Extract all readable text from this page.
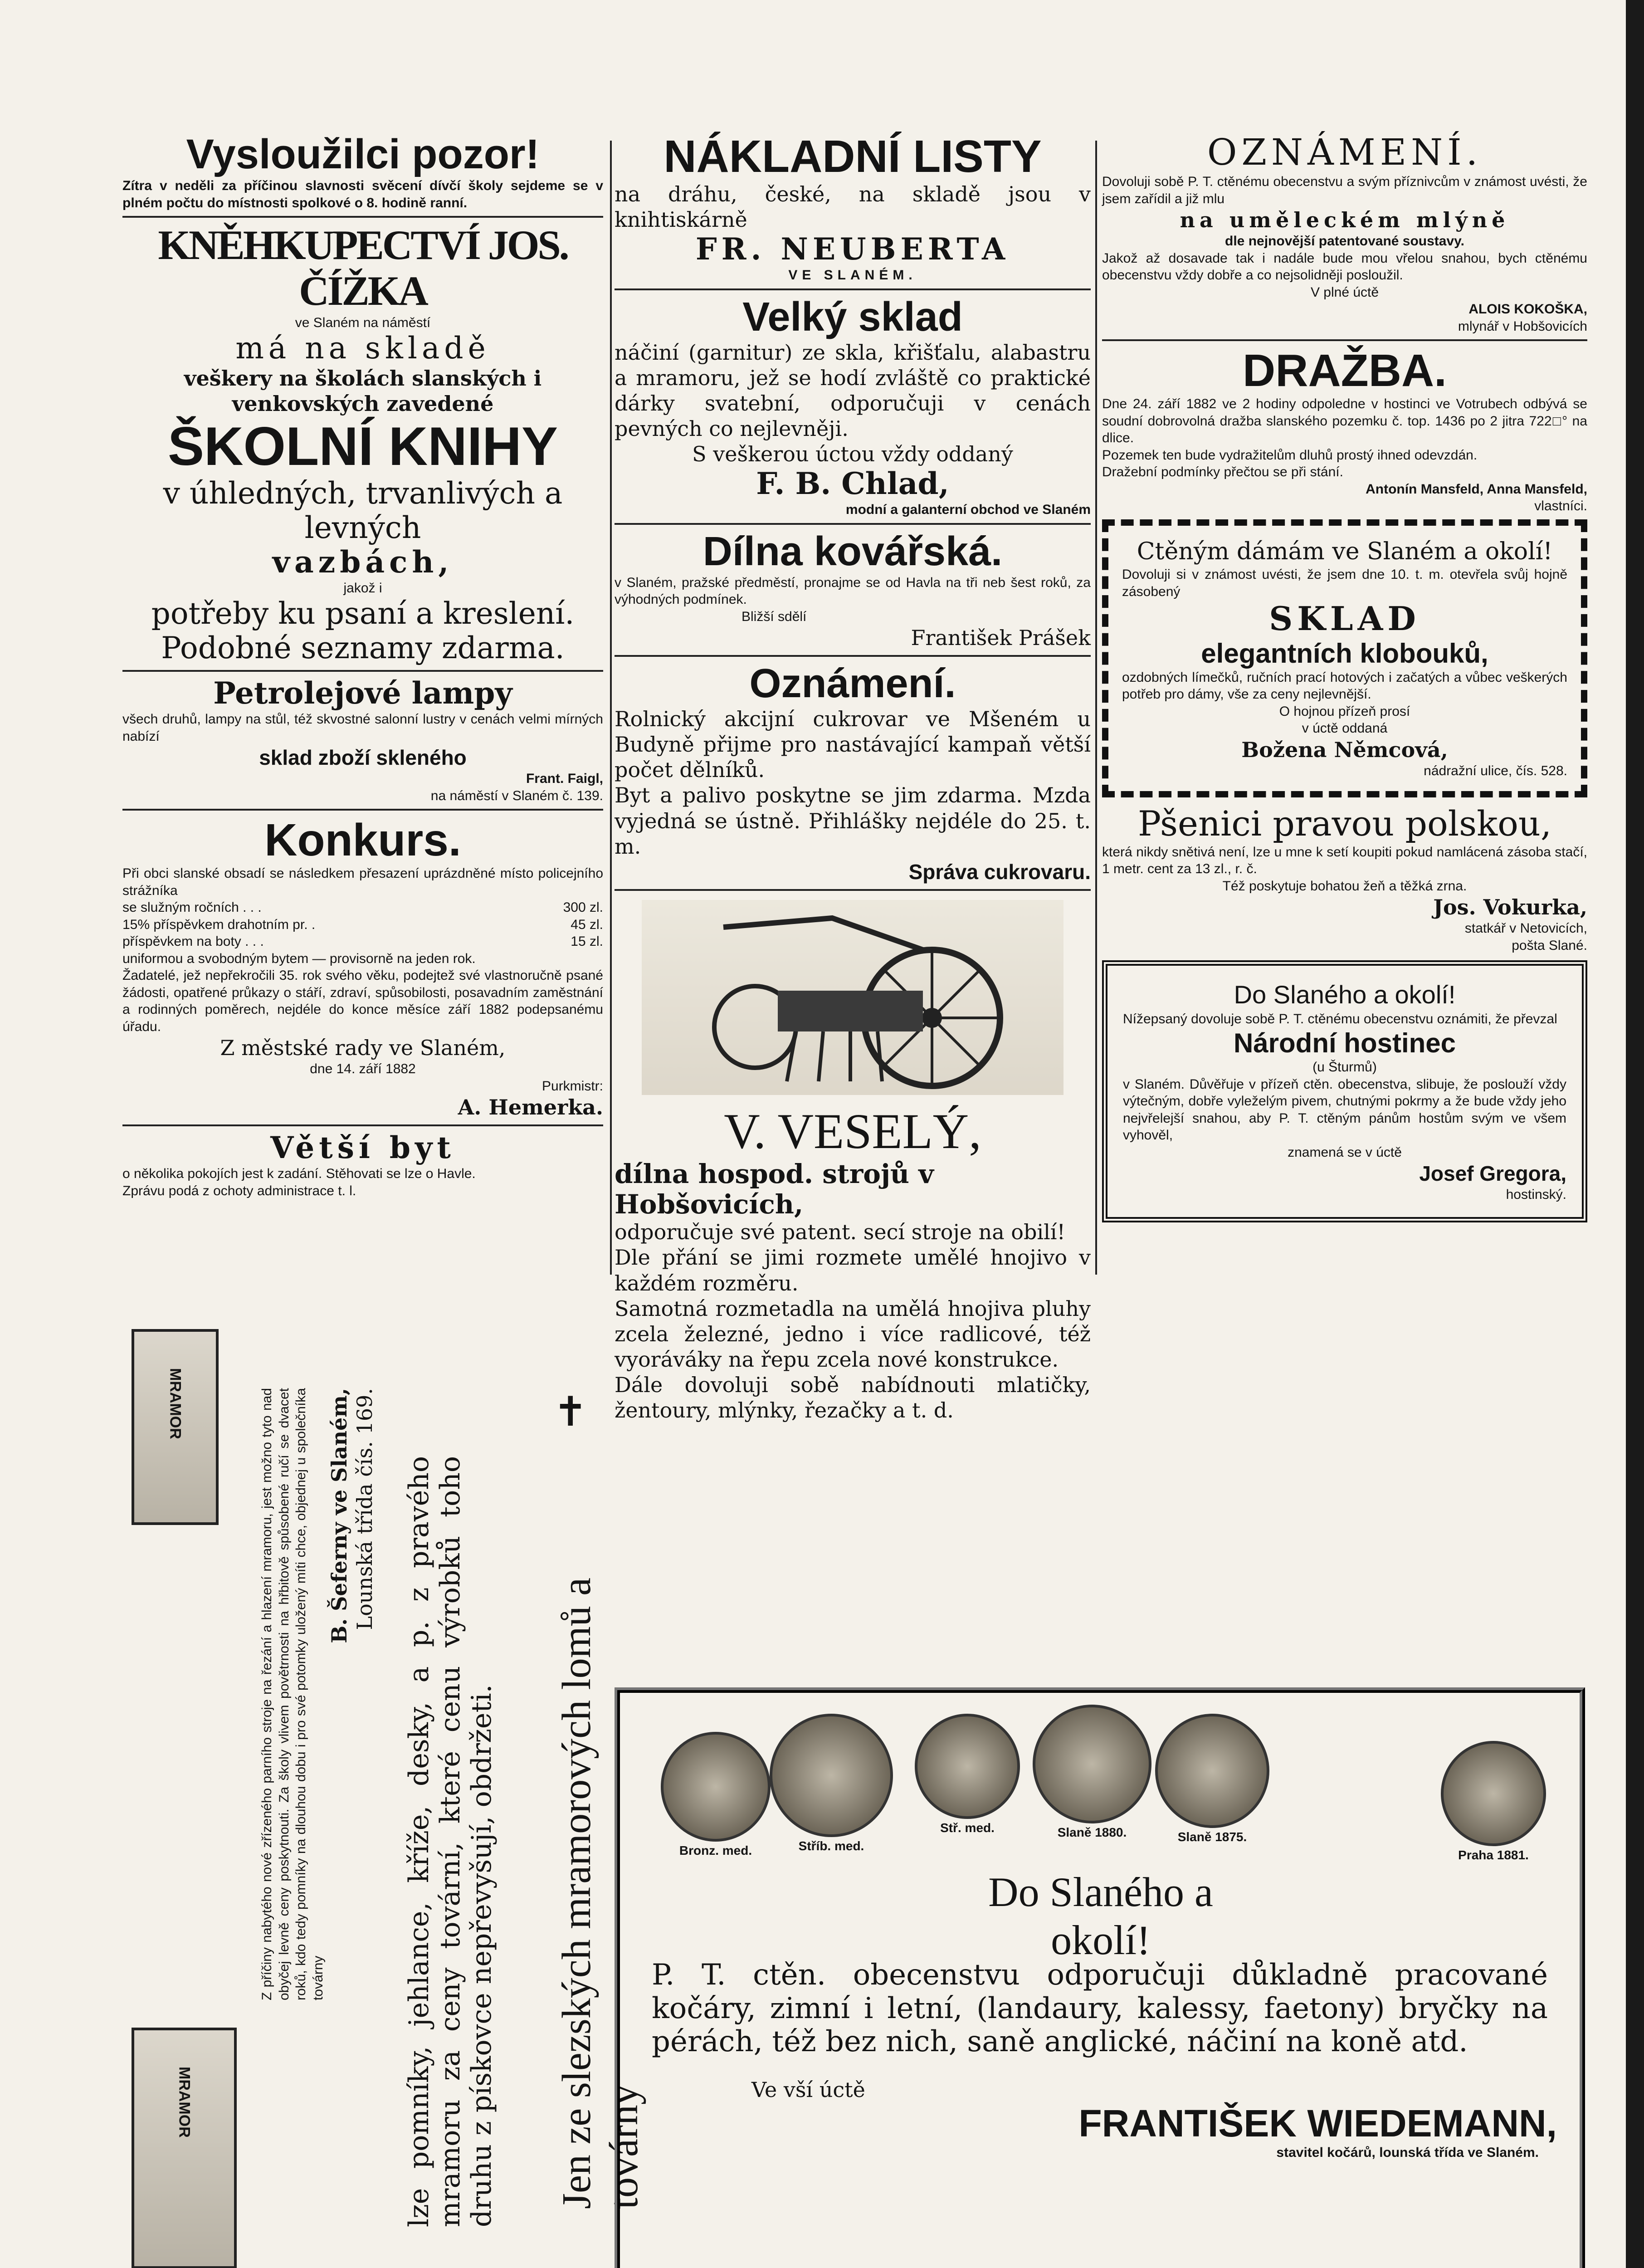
Vysloužilci pozor!
Zítra v neděli za příčinou slavnosti svěcení dívčí školy sejdeme se v plném počtu do místnosti spolkové o 8. hodině ranní.
KNĚHKUPECTVÍ JOS. ČÍŽKA
ve Slaném na náměstí
má na skladě
veškery na školách slanských i venkovských zavedené
ŠKOLNÍ KNIHY
v úhledných, trvanlivých a levných
vazbách,
jakož i
potřeby ku psaní a kreslení.
Podobné seznamy zdarma.
Petrolejové lampy
všech druhů, lampy na stůl, též skvostné salonní lustry v cenách velmi mírných nabízí
sklad zboží skleného
Frant. Faigl,
na náměstí v Slaném č. 139.
Konkurs.
Při obci slanské obsadí se následkem přesazení uprázdněné místo policejního strážníka
se služným ročních . . .	300 zl.
15% příspěvkem drahotním pr. .	45 zl.
příspěvkem na boty . . .	15 zl.
uniformou a svobodným bytem — provisorně na jeden rok.
Žadatelé, jež nepřekročili 35. rok svého věku, podejtež své vlastnoručně psané žádosti, opatřené průkazy o stáří, zdraví, spůsobilosti, posavadním zaměstnání a rodinných poměrech, nejdéle do konce měsíce září 1882 podepsanému úřadu.
Z městské rady ve Slaném,
dne 14. září 1882
Purkmistr:
A. Hemerka.
Větší byt
o několika pokojích jest k zadání. Stěhovati se lze o Havle.
Zprávu podá z ochoty administrace t. l.
MRAMOR	✝
MRAMOR	Jen ze slezských mramorových lomů a továrny
lze pomníky, jehlance, kříže, desky, a p. z pravého mramoru za ceny tovární, které cenu výrobků toho druhu z pískovce nepřevyšují, obdržeti.
Z příčiny nabytého nové zřízeného parního stroje na řezání a hlazení mramoru, jest možno tyto nad obyčej levně ceny poskytnouti. Za školy vlivem povětrnosti na hřbitově spůsobené ručí se dvacet roků, kdo tedy pomníky na dlouhou dobu i pro své potomky uložený míti chce, objednej u společníka továrny
B. Šeferny ve Slaném, Lounská třída čís. 169.
NÁKLADNÍ LISTY
na dráhu, české, na skladě jsou v knihtiskárně
FR. NEUBERTA
VE SLANÉM.
Velký sklad
náčiní (garnitur) ze skla, křišťalu, alabastru a mramoru, jež se hodí zvláště co praktické dárky svatební, odporučuji v cenách pevných co nejlevněji.
S veškerou úctou vždy oddaný
F. B. Chlad,
modní a galanterní obchod ve Slaném
Dílna kovářská.
v Slaném, pražské předměstí, pronajme se od Havla na tři neb šest roků, za výhodných podmínek.
Bližší sdělí
František Prášek
Oznámení.
Rolnický akcijní cukrovar ve Mšeném u Budyně přijme pro nastávající kampaň větší počet dělníků.
Byt a palivo poskytne se jim zdarma. Mzda vyjedná se ústně. Přihlášky nejdéle do 25. t. m.
Správa cukrovaru.
V. VESELÝ,
dílna hospod. strojů v Hobšovicích,
odporučuje své patent. secí stroje na obilí!
Dle přání se jimi rozmete umělé hnojivo v každém rozměru.
Samotná rozmetadla na umělá hnojiva pluhy zcela železné, jedno i více radlicové, též vyoráváky na řepu zcela nové konstrukce.
Dále dovoluji sobě nabídnouti mlatičky, žentoury, mlýnky, řezačky a t. d.
OZNÁMENÍ.
Dovoluji sobě P. T. ctěnému obecenstvu a svým příznivcům v známost uvésti, že jsem zařídil a již mlu
na uměleckém mlýně
dle nejnovější patentované soustavy.
Jakož až dosavade tak i nadále bude mou vřelou snahou, bych ctěnému obecenstvu vždy dobře a co nejsolidněji posloužil.
V plné úctě
ALOIS KOKOŠKA,
mlynář v Hobšovicích
DRAŽBA.
Dne 24. září 1882 ve 2 hodiny odpoledne v hostinci ve Votrubech odbývá se soudní dobrovolná dražba slanského pozemku č. top. 1436 po 2 jitra 722□° na dlice.
Pozemek ten bude vydražitelům dluhů prostý ihned odevzdán.
Dražební podmínky přečtou se při stání.
Antonín Mansfeld, Anna Mansfeld,
vlastníci.
Ctěným dámám ve Slaném a okolí!
Dovoluji si v známost uvésti, že jsem dne 10. t. m. otevřela svůj hojně zásobený
SKLAD
elegantních klobouků,
ozdobných límečků, ručních prací hotových i začatých a vůbec veškerých potřeb pro dámy, vše za ceny nejlevnější.
O hojnou přízeň prosí
v úctě oddaná
Božena Němcová,
nádražní ulice, čís. 528.
Pšenici pravou polskou,
která nikdy snětivá není, lze u mne k setí koupiti pokud namlácená zásoba stačí, 1 metr. cent za 13 zl., r. č.
Též poskytuje bohatou žeň a těžká zrna.
Jos. Vokurka,
statkář v Netovicích,
pošta Slané.
Do Slaného a okolí!
Nížepsaný dovoluje sobě P. T. ctěnému obecenstvu oznámiti, že převzal
Národní hostinec
(u Šturmů)
v Slaném. Důvěřuje v přízeň ctěn. obecenstva, slibuje, že poslouží vždy výtečným, dobře vyleželým pivem, chutnými pokrmy a že bude vždy jeho nejvřelejší snahou, aby P. T. ctěným pánům hostům svým ve všem vyhověl,
znamená se v úctě
Josef Gregora,
hostinský.
Bronz. med.	Stříb. med.
Stř. med.	Slaně 1880.	Slaně 1875.
Praha 1881.
Do Slaného a okolí!
P. T. ctěn. obecenstvu odporučuji důkladně pracované kočáry, zimní i letní, (landaury, kalessy, faetony) bryčky na pérách, též bez nich, saně anglické, náčiní na koně atd.
Ve vší úctě
FRANTIŠEK WIEDEMANN,
stavitel kočárů, lounská třída ve Slaném.
